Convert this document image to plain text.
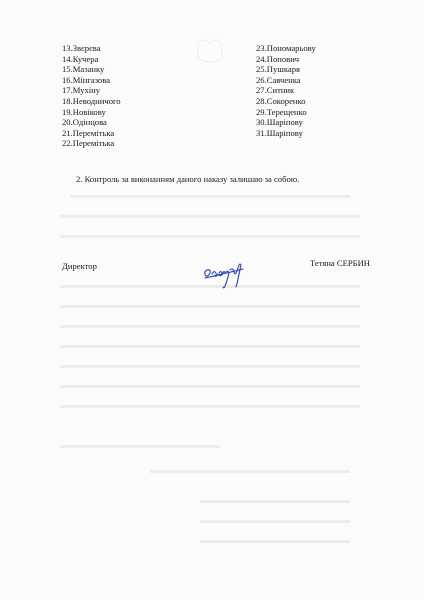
13.Звєрєва
14.Кучера
15.Мазанку
16.Мінгазова
17.Мухіну
18.Неводничого
19.Новікову
20.Одінцова
21.Перемітька
22.Перемітька
23.Пономарьову
24.Попович
25.Пушкаря
26.Савченка
27.Ситник
28.Сокоренко
29.Терещенко
30.Шаріпову
31.Шаріпову
2. Контроль за виконанням даного наказу залишаю за собою.
Директор	Тетяна СЕРБИН
